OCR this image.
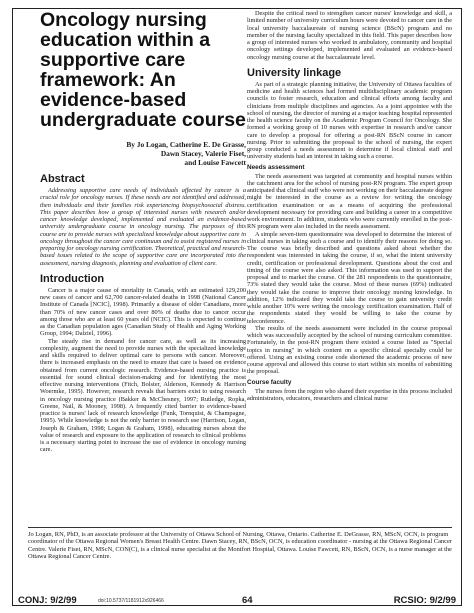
Oncology nursing education within a supportive care framework: An evidence-based undergraduate course
By Jo Logan, Catherine E. De Grasse,
Dawn Stacey, Valerie Fiset,
and Louise Fawcett
Abstract

Addressing supportive care needs of individuals affected by cancer is a crucial role for oncology nurses. If these needs are not identified and addressed, then individuals and their families risk experiencing biopsychosocial distress. This paper describes how a group of interested nurses with research and/or cancer knowledge developed, implemented and evaluated an evidence-based university undergraduate course in oncology nursing. The purposes of this course are to provide nurses with specialized knowledge about supportive care in oncology throughout the cancer care continuum and to assist registered nurses in preparing for oncology nursing certification. Theoretical, practical and research-based issues related to the scope of supportive care are incorporated into the assessment, nursing diagnosis, planning and evaluation of client care.

Introduction

Cancer is a major cause of mortality in Canada, with an estimated 129,200 new cases of cancer and 62,700 cancer-related deaths in 1998 (National Cancer Institute of Canada [NCIC], 1998). Primarily a disease of older Canadians, more than 70% of new cancer cases and over 80% of deaths due to cancer occur among those who are at least 60 years old (NCIC). This is expected to continue as the Canadian population ages (Canadian Study of Health and Aging Working Group, 1994; Dalziel, 1996).

The steady rise in demand for cancer care, as well as its increasing complexity, augment the need to provide nurses with the specialized knowledge and skills required to deliver optimal care to persons with cancer. Moreover, there is increased emphasis on the need to ensure that care is based on evidence obtained from current oncologic research. Evidence-based nursing practice is essential for sound clinical decision-making and for identifying the most effective nursing interventions (Fitch, Bolster, Alderson, Kennedy & Harrison Woermke, 1995). However, research reveals that barriers exist to using research in oncology nursing practice (Bakker & McChesney, 1997; Rutledge, Ropka, Greene, Nail, & Mooney, 1998). A frequently cited barrier to evidence-based practice is nurses' lack of research knowledge (Funk, Tornquist, & Champagne, 1995). While knowledge is not the only barrier to research use (Harrison, Logan, Joseph & Graham, 1998; Logan & Graham, 1998), educating nurses about the value of research and exposure to the application of research to clinical problems is a necessary starting point to increase the use of evidence in oncology nursing care.

Despite the critical need to strengthen cancer nurses' knowledge and skill, a limited number of university curriculum hours were devoted to cancer care in the local university baccalaureate of nursing science (BScN) program and no member of the nursing faculty specialized in this field. This paper describes how a group of interested nurses who worked in ambulatory, community and hospital oncology settings developed, implemented and evaluated an evidence-based oncology nursing course at the baccalaureate level.

University linkage

As part of a strategic planning initiative, the University of Ottawa faculties of medicine and health sciences had formed multidisciplinary academic program councils to foster research, education and clinical efforts among faculty and clinicians from multiple disciplines and agencies. As a joint appointee with the school of nursing, the director of nursing at a major teaching hospital represented the health science faculty on the Academic Program Council for Oncology. She formed a working group of 10 nurses with expertise in research and/or cancer care to develop a proposal for offering a post-RN BScN course in cancer nursing. Prior to submitting the proposal to the school of nursing, the expert group conducted a needs assessment to determine if local clinical staff and university students had an interest in taking such a course.

Needs assessment

The needs assessment was targeted at community and hospital nurses within the catchment area for the school of nursing post-RN program. The expert group anticipated that clinical staff who were not working on their baccalaureate degree might be interested in the course as a review for writing the oncology certification examination or as a means of acquiring the professional development necessary for providing care and building a career in a competitive work environment. In addition, students who were currently enrolled in the post-RN program were also included in the needs assessment.

A simple seven-item questionnaire was developed to determine the interest of clinical nurses in taking such a course and to identify their reasons for doing so. The course was briefly described and questions asked about whether the respondent was interested in taking the course, if so, what the intent university credit, certification or professional development. Questions about the cost and timing of the course were also asked. This information was used to support the proposal and to market the course. Of the 281 respondents to the questionnaire, 73% stated they would take the course. Most of these nurses (69%) indicated they would take the course to improve their oncology nursing knowledge. In addition, 12% indicated they would take the course to gain university credit while another 10% were writing the oncology certification examination. Half of the respondents stated they would be willing to take the course by teleconference.

The results of the needs assessment were included in the course proposal which was successfully accepted by the school of nursing curriculum committee. Fortunately, in the post-RN program there existed a course listed as "Special topics in nursing" in which content on a specific clinical specialty could be offered. Using an existing course code shortened the academic process of new course approval and allowed this course to start within six months of submitting the proposal.

Course faculty

The nurses from the region who shared their expertise in this process included administrators, educators, researchers and clinical nurse

Jo Logan, RN, PhD, is an associate professor at the University of Ottawa School of Nursing, Ottawa, Ontario. Catherine E. DeGrasse, RN, MScN, OCN, is program coordinator of the Ottawa Regional Women's Breast Health Centre. Dawn Stacey, RN, BScN, OCN, is education coordinator - nursing at the Ottawa Regional Cancer Centre. Valerie Fiset, RN, MScN, CON(C), is a clinical nurse specialist at the Montfort Hospital, Ottawa. Louise Fawcett, RN, BScN, OCN, is a nurse manager at the Ottawa Regional Cancer Centre.

CONJ: 9/2/99	doi:10.5737/1181912x926466	64	RCSIO: 9/2/99
